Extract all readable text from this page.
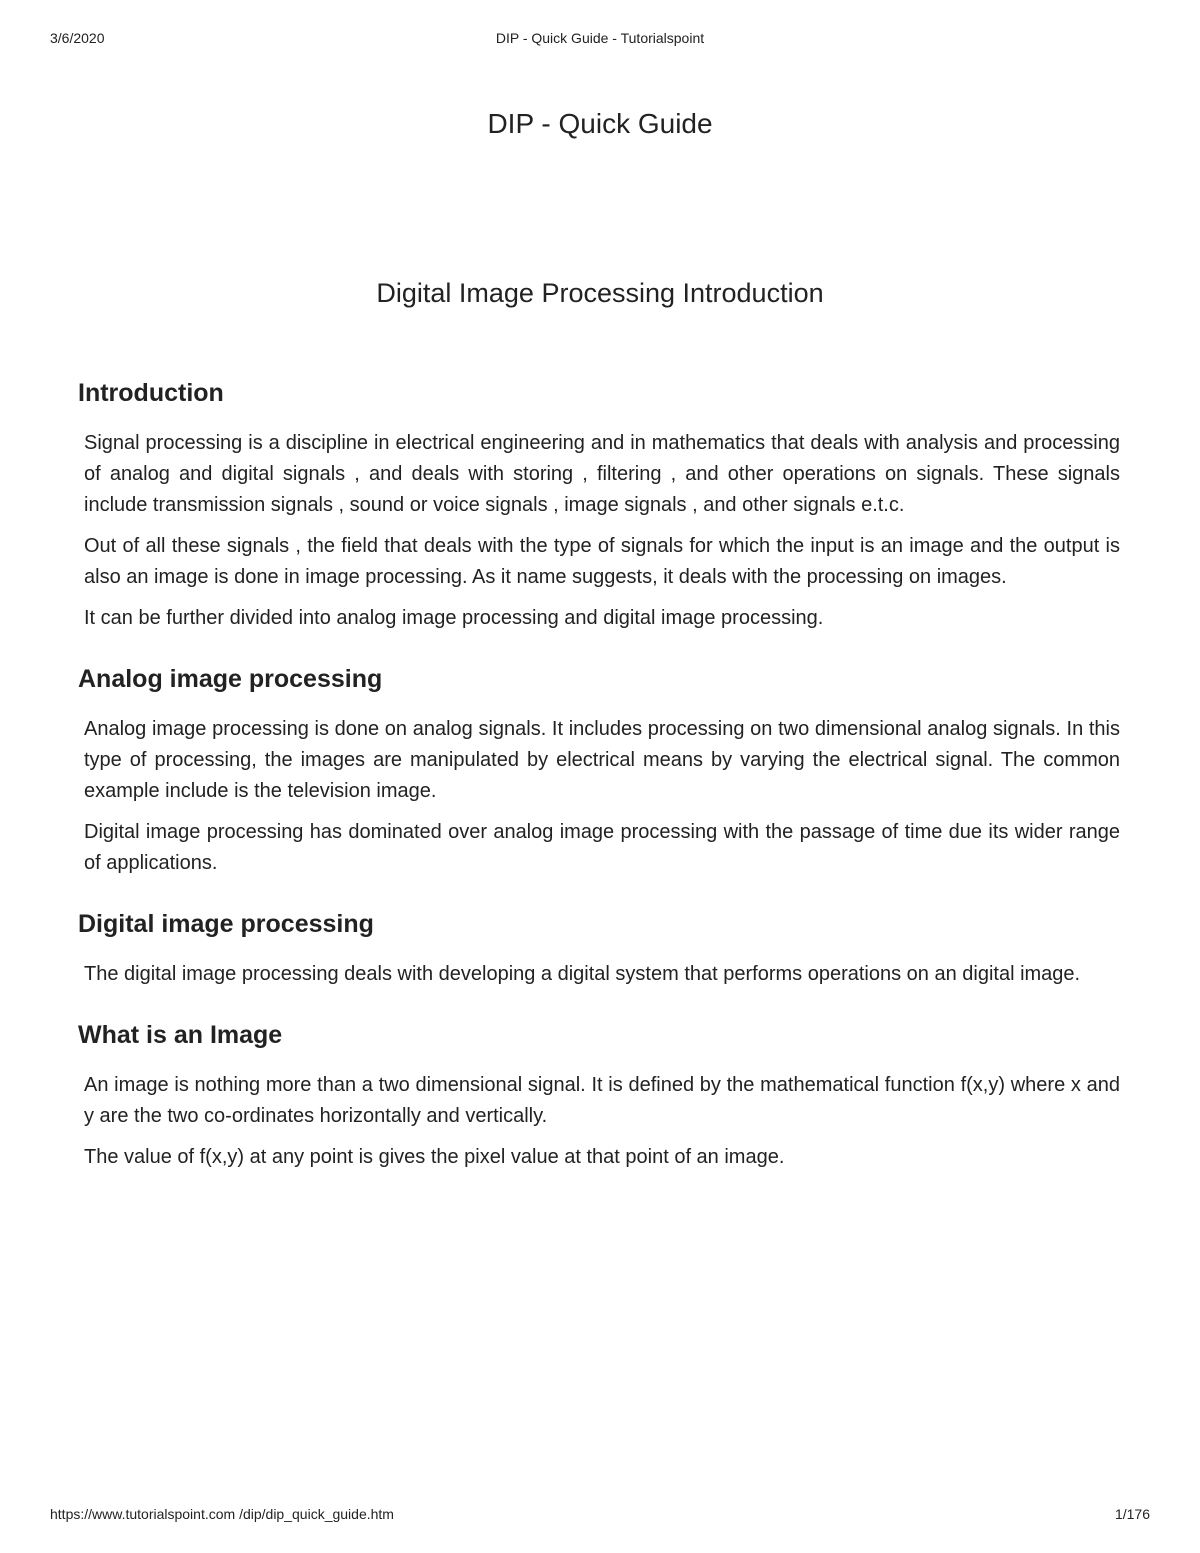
3/6/2020	DIP - Quick Guide - Tutorialspoint
DIP - Quick Guide
Digital Image Processing Introduction
Introduction

Signal processing is a discipline in electrical engineering and in mathematics that deals with analysis and processing of analog and digital signals , and deals with storing , filtering , and other operations on signals. These signals include transmission signals , sound or voice signals , image signals , and other signals e.t.c.

Out of all these signals , the field that deals with the type of signals for which the input is an image and the output is also an image is done in image processing. As it name suggests, it deals with the processing on images.

It can be further divided into analog image processing and digital image processing.

Analog image processing

Analog image processing is done on analog signals. It includes processing on two dimensional analog signals. In this type of processing, the images are manipulated by electrical means by varying the electrical signal. The common example include is the television image.

Digital image processing has dominated over analog image processing with the passage of time due its wider range of applications.

Digital image processing

The digital image processing deals with developing a digital system that performs operations on an digital image.

What is an Image

An image is nothing more than a two dimensional signal. It is defined by the mathematical function f(x,y) where x and y are the two co-ordinates horizontally and vertically.

The value of f(x,y) at any point is gives the pixel value at that point of an image.

https://www.tutorialspoint.com /dip/dip_quick_guide.htm	1/176
